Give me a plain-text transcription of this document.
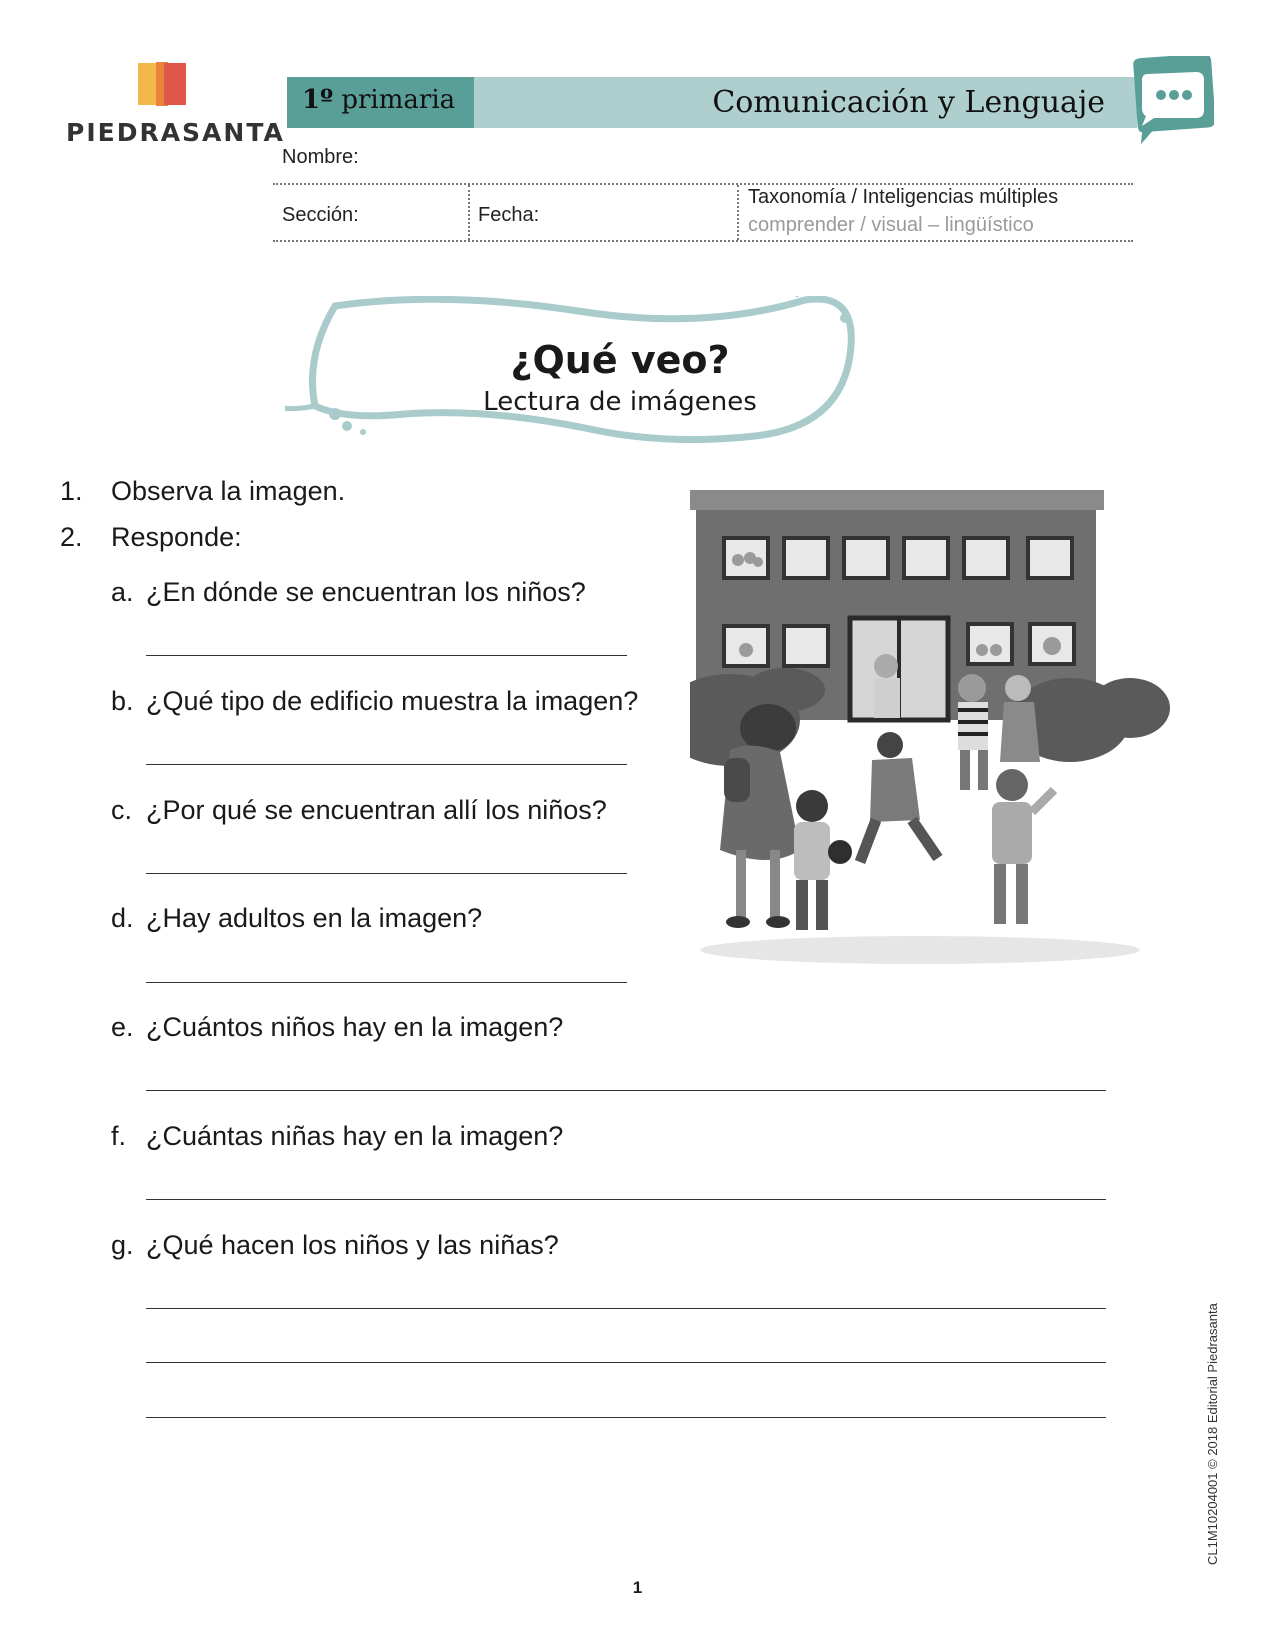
PIEDRASANTA
1º primaria	Comunicación y Lenguaje
Nombre:
Sección:	Fecha:
Taxonomía / Inteligencias múltiples
comprender / visual – lingüístico
¿Qué veo?
Lectura de imágenes
1. Observa la imagen.
2. Responde:
a. ¿En dónde se encuentran los niños?
b. ¿Qué tipo de edificio muestra la imagen?
c. ¿Por qué se encuentran allí los niños?
d. ¿Hay adultos en la imagen?
e. ¿Cuántos niños hay en la imagen?
f. ¿Cuántas niñas hay en la imagen?
g. ¿Qué hacen los niños y las niñas?
CL1M10204001 © 2018 Editorial Piedrasanta
1
